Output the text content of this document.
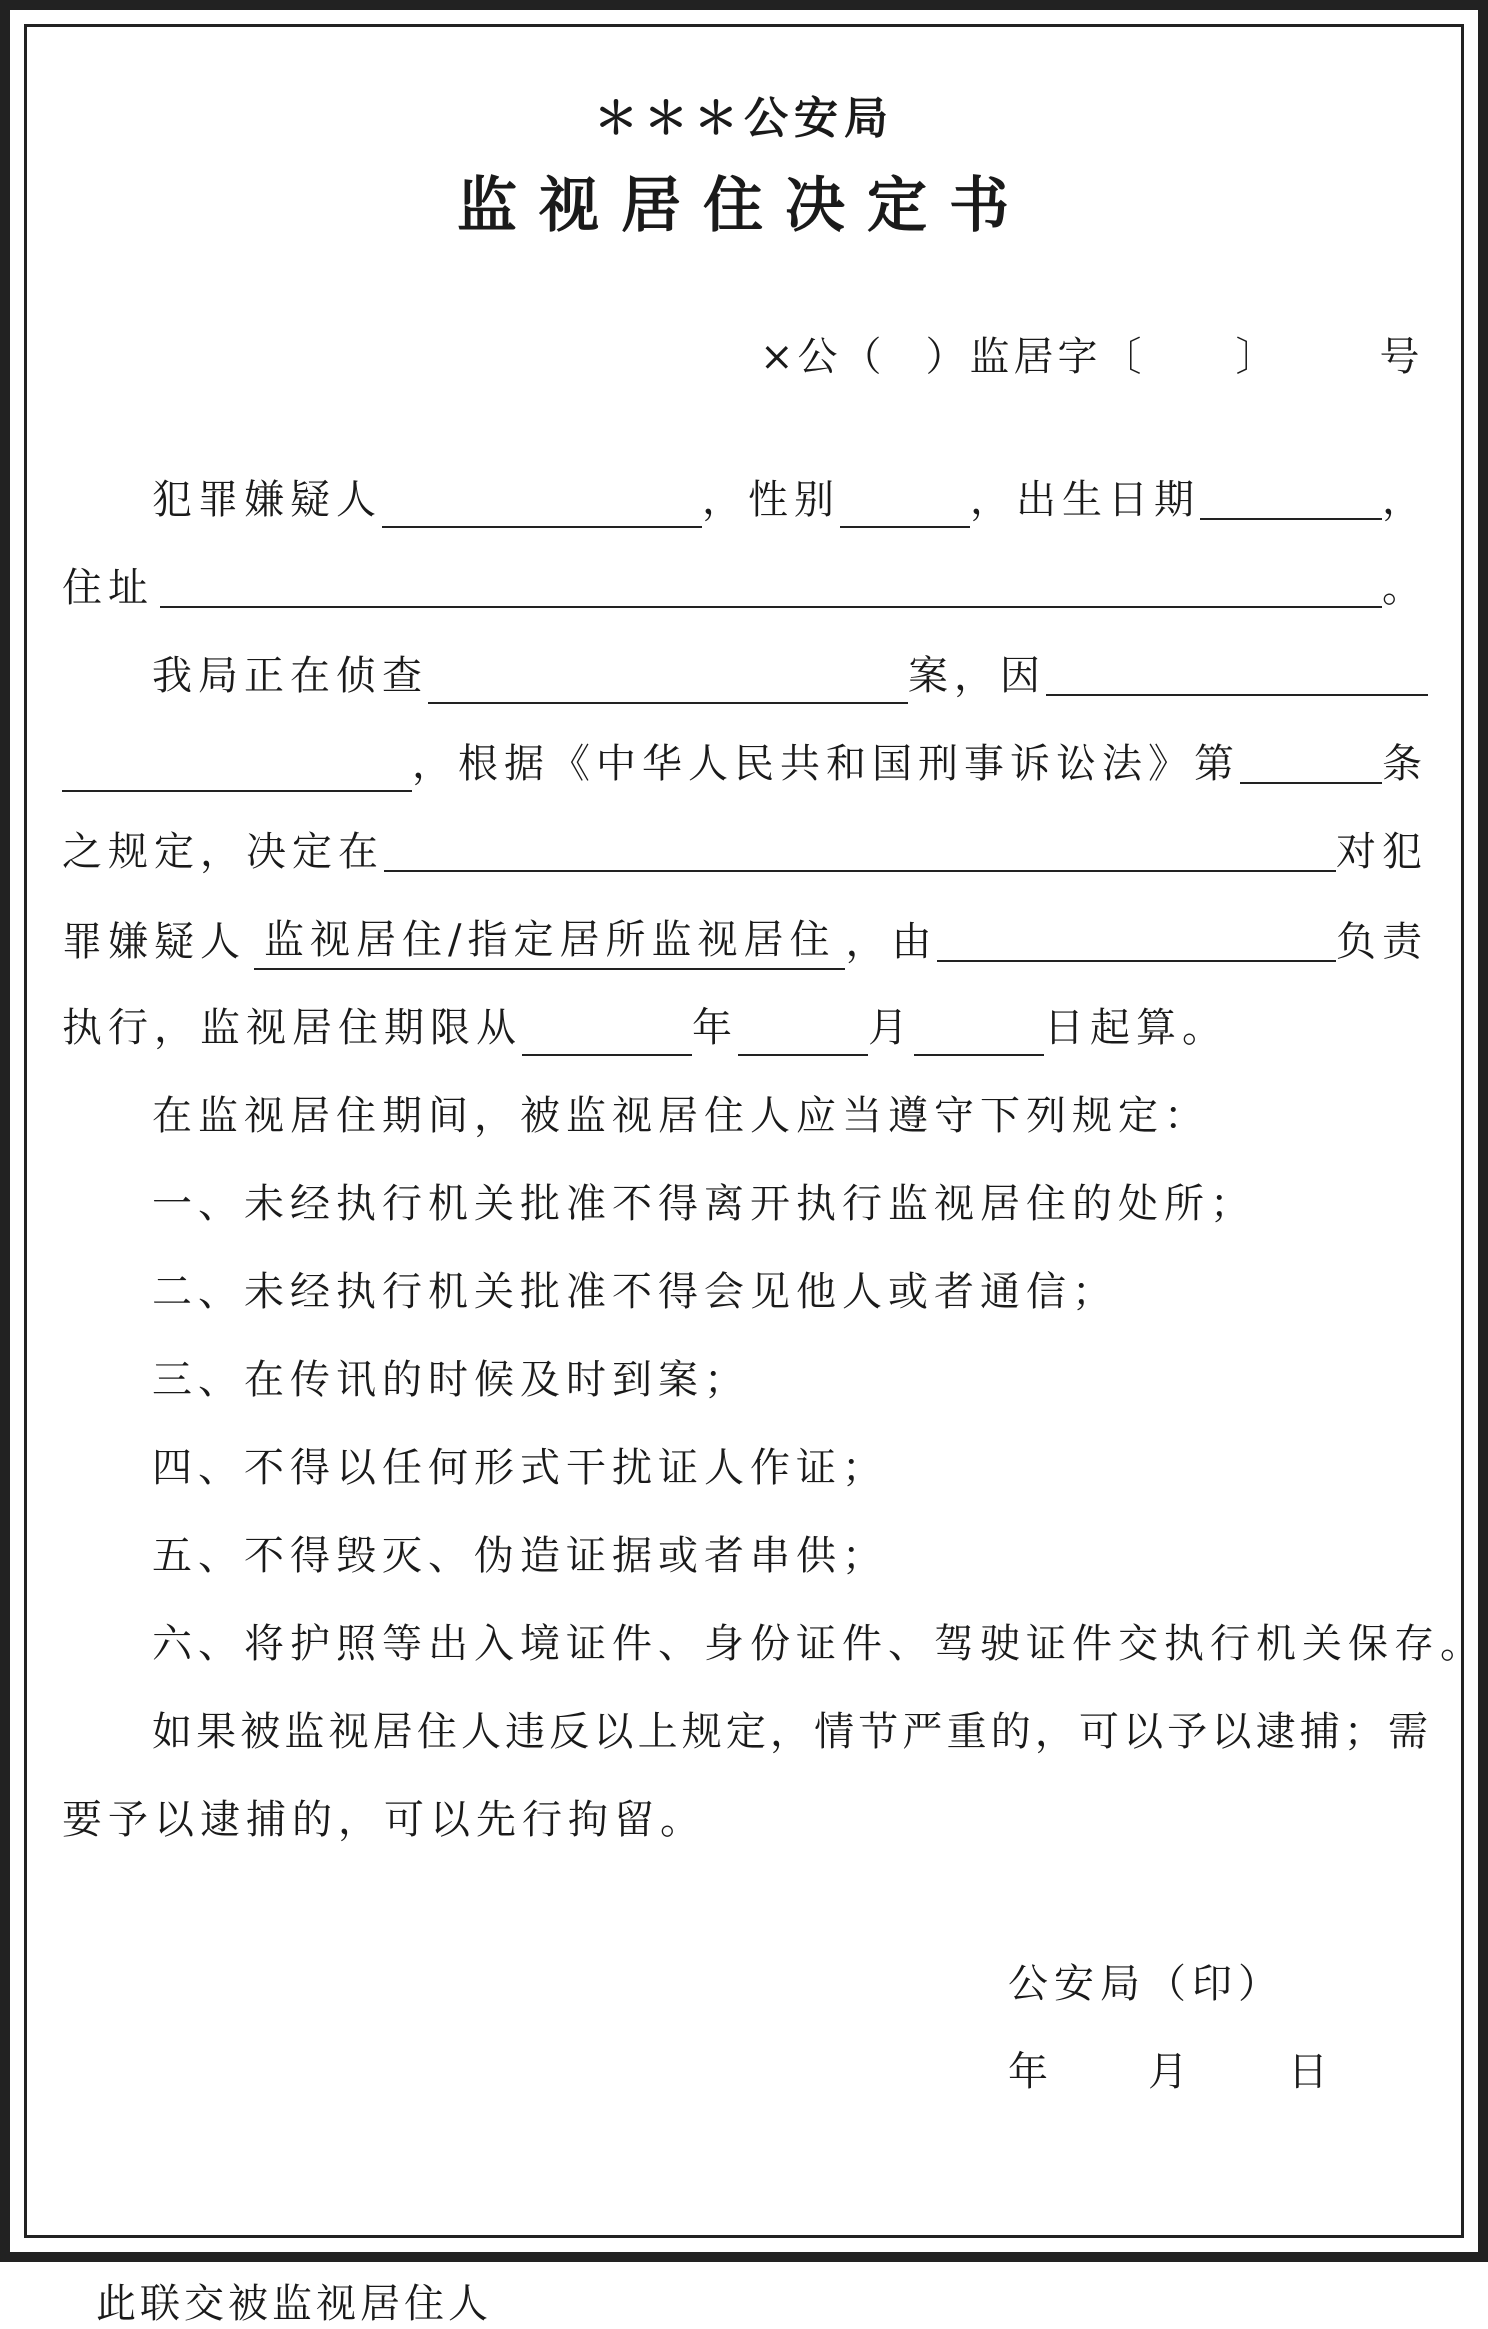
＊＊＊公安局
监视居住决定书
×公（ ）监居字〔 〕	号
犯罪嫌疑人	，性别	，出生日期	，
住址	。
我局正在侦查	案，因
，根据《中华人民共和国刑事诉讼法》第	条
之规定，决定在	对犯
罪嫌疑人 监视居住/指定居所监视居住 ，由	负责
执行，监视居住期限从	年	月	日起算。
在监视居住期间，被监视居住人应当遵守下列规定：
一、未经执行机关批准不得离开执行监视居住的处所；
二、未经执行机关批准不得会见他人或者通信；
三、在传讯的时候及时到案；
四、不得以任何形式干扰证人作证；
五、不得毁灭、伪造证据或者串供；
六、将护照等出入境证件、身份证件、驾驶证件交执行机关保存。
如果被监视居住人违反以上规定，情节严重的，可以予以逮捕；需
要予以逮捕的，可以先行拘留。
公安局（印）
年	月	日
此联交被监视居住人
